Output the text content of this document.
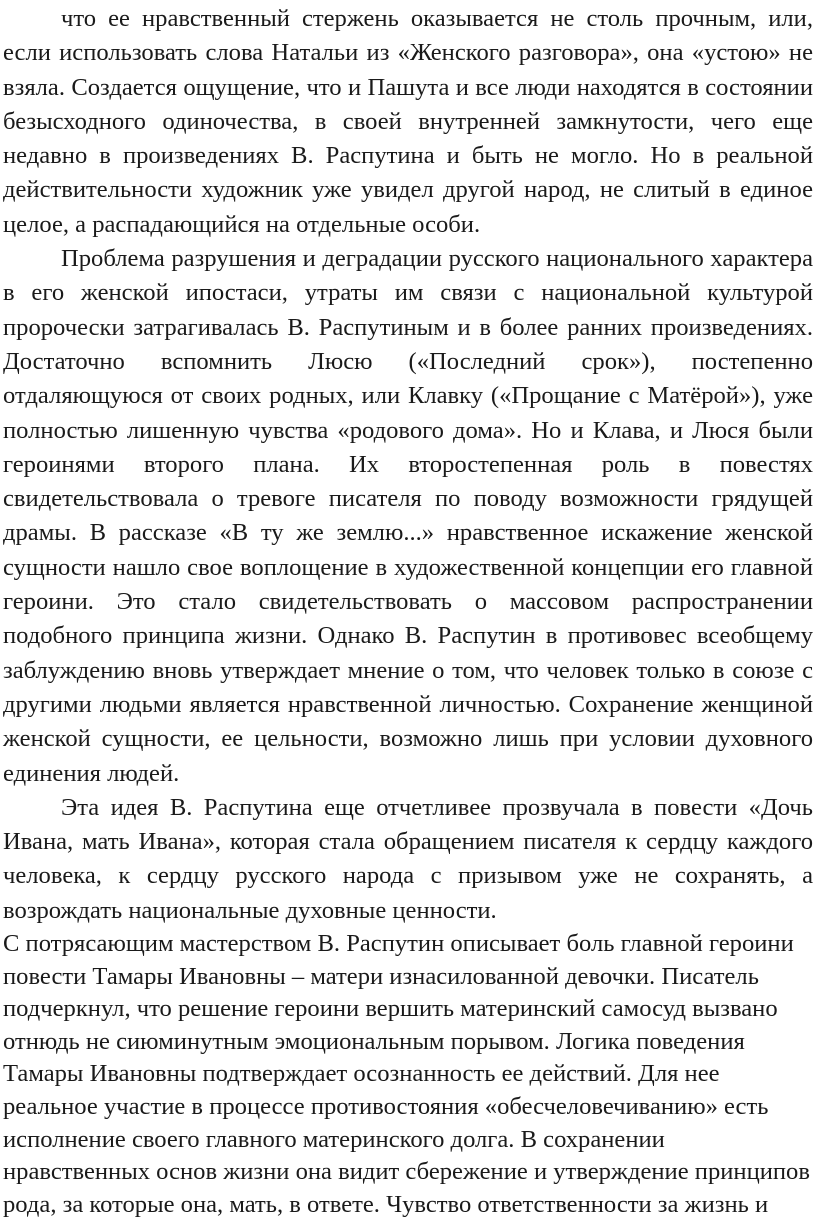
что ее нравственный стержень оказывается не столь прочным, или, если использовать слова Натальи из «Женского разговора», она «устою» не взяла. Создается ощущение, что и Пашута и все люди находятся в состоянии безысходного одиночества, в своей внутренней замкнутости, чего еще недавно в произведениях В. Распутина и быть не могло. Но в реальной действительности художник уже увидел другой народ, не слитый в единое целое, а распадающийся на отдельные особи.

Проблема разрушения и деградации русского национального характера в его женской ипостаси, утраты им связи с национальной культурой пророчески затрагивалась В. Распутиным и в более ранних произведениях. Достаточно вспомнить Люсю («Последний срок»), постепенно отдаляющуюся от своих родных, или Клавку («Прощание с Матёрой»), уже полностью лишенную чувства «родового дома». Но и Клава, и Люся были героинями второго плана. Их второстепенная роль в повестях свидетельствовала о тревоге писателя по поводу возможности грядущей драмы. В рассказе «В ту же землю...» нравственное искажение женской сущности нашло свое воплощение в художественной концепции его главной героини. Это стало свидетельствовать о массовом распространении подобного принципа жизни. Однако В. Распутин в противовес всеобщему заблуждению вновь утверждает мнение о том, что человек только в союзе с другими людьми является нравственной личностью. Сохранение женщиной женской сущности, ее цельности, возможно лишь при условии духовного единения людей.

Эта идея В. Распутина еще отчетливее прозвучала в повести «Дочь Ивана, мать Ивана», которая стала обращением писателя к сердцу каждого человека, к сердцу русского народа с призывом уже не сохранять, а возрождать национальные духовные ценности.

С потрясающим мастерством В. Распутин описывает боль главной героини повести Тамары Ивановны – матери изнасилованной девочки. Писатель подчеркнул, что решение героини вершить материнский самосуд вызвано отнюдь не сиюминутным эмоциональным порывом. Логика поведения Тамары Ивановны подтверждает осознанность ее действий. Для нее реальное участие в процессе противостояния «обесчеловечиванию» есть исполнение своего главного материнского долга. В сохранении нравственных основ жизни она видит сбережение и утверждение принципов рода, за которые она, мать, в ответе. Чувство ответственности за жизнь и
